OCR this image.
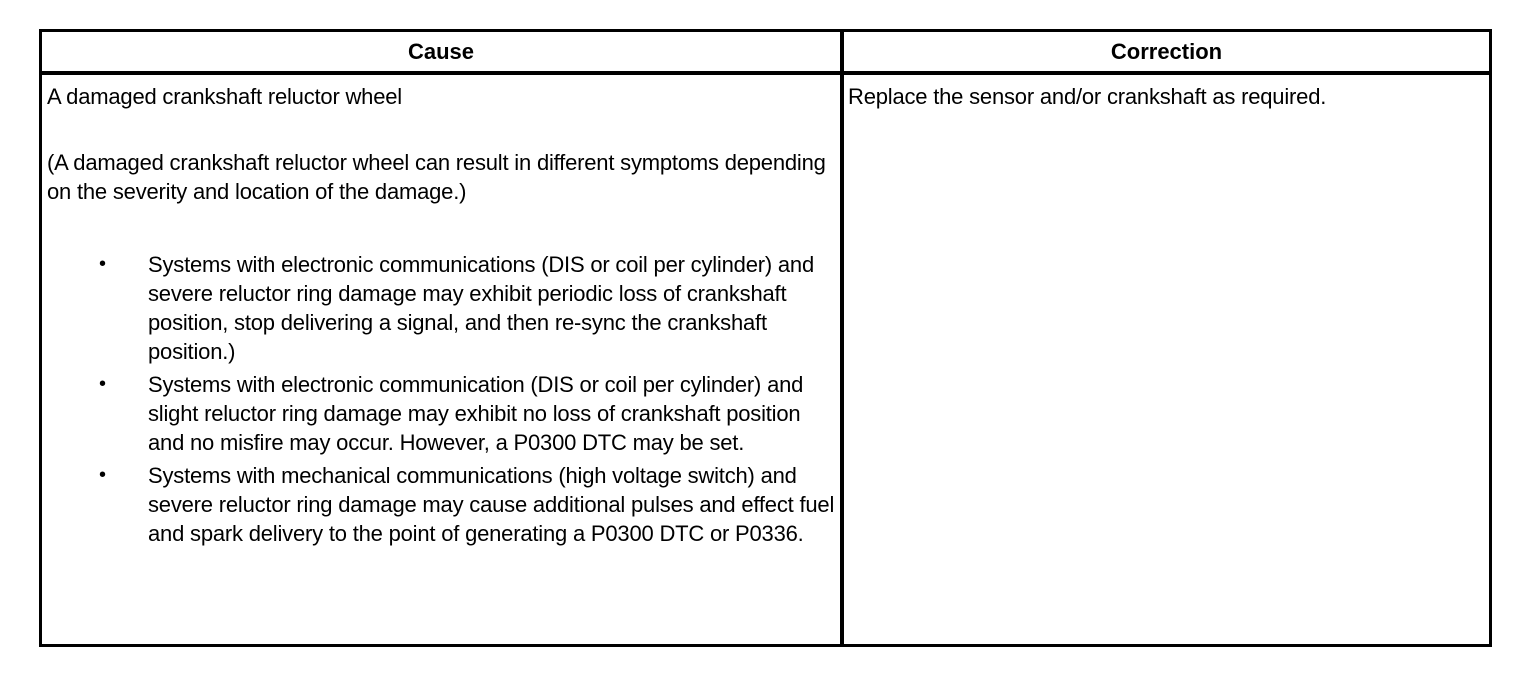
Cause	Correction
A damaged crankshaft reluctor wheel
(A damaged crankshaft reluctor wheel can result in different symptoms depending on the severity and location of the damage.)
• Systems with electronic communications (DIS or coil per cylinder) and severe reluctor ring damage may exhibit periodic loss of crankshaft position, stop delivering a signal, and then re-sync the crankshaft position.)
• Systems with electronic communication (DIS or coil per cylinder) and slight reluctor ring damage may exhibit no loss of crankshaft position and no misfire may occur. However, a P0300 DTC may be set.
• Systems with mechanical communications (high voltage switch) and severe reluctor ring damage may cause additional pulses and effect fuel and spark delivery to the point of generating a P0300 DTC or P0336.
Replace the sensor and/or crankshaft as required.
